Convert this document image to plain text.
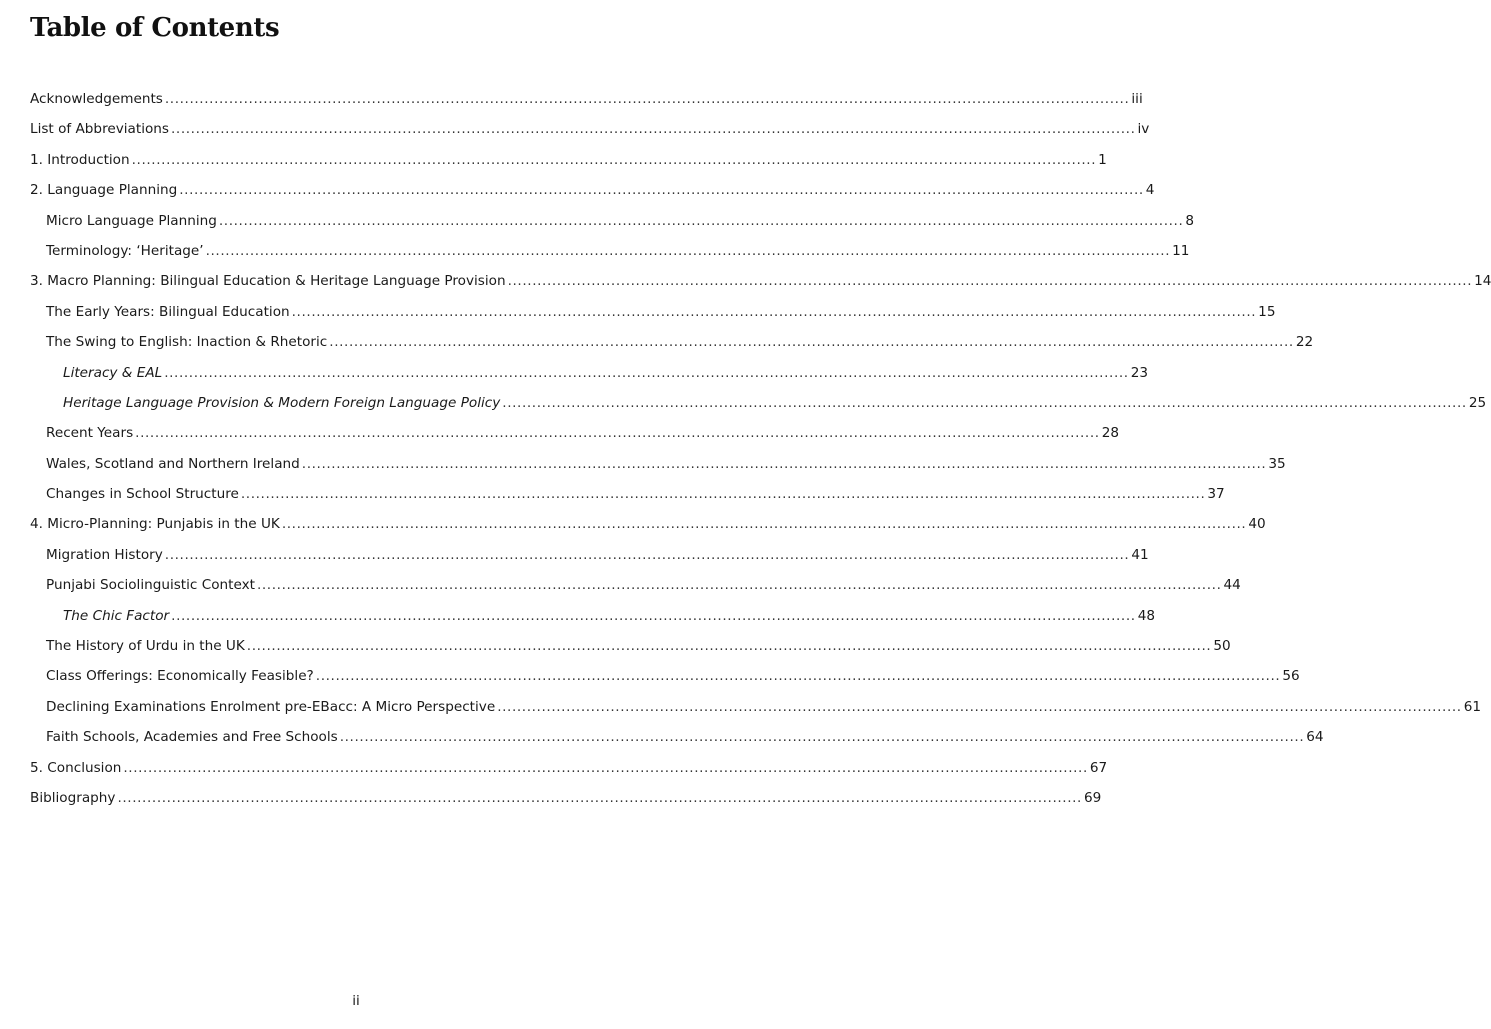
Table of Contents
Acknowledgements .................................................................................................................................................................................................... iii
List of Abbreviations .................................................................................................................................................................................................... iv
1. Introduction .................................................................................................................................................................................................... 1
2. Language Planning .................................................................................................................................................................................................... 4
Micro Language Planning .................................................................................................................................................................................................... 8
Terminology: ‘Heritage’ .................................................................................................................................................................................................... 11
3. Macro Planning: Bilingual Education & Heritage Language Provision .................................................................................................................................................................................................... 14
The Early Years: Bilingual Education .................................................................................................................................................................................................... 15
The Swing to English: Inaction & Rhetoric .................................................................................................................................................................................................... 22
Literacy & EAL .................................................................................................................................................................................................... 23
Heritage Language Provision & Modern Foreign Language Policy .................................................................................................................................................................................................... 25
Recent Years .................................................................................................................................................................................................... 28
Wales, Scotland and Northern Ireland .................................................................................................................................................................................................... 35
Changes in School Structure .................................................................................................................................................................................................... 37
4. Micro-Planning: Punjabis in the UK .................................................................................................................................................................................................... 40
Migration History .................................................................................................................................................................................................... 41
Punjabi Sociolinguistic Context .................................................................................................................................................................................................... 44
The Chic Factor .................................................................................................................................................................................................... 48
The History of Urdu in the UK .................................................................................................................................................................................................... 50
Class Offerings: Economically Feasible? .................................................................................................................................................................................................... 56
Declining Examinations Enrolment pre-EBacc: A Micro Perspective .................................................................................................................................................................................................... 61
Faith Schools, Academies and Free Schools .................................................................................................................................................................................................... 64
5. Conclusion .................................................................................................................................................................................................... 67
Bibliography .................................................................................................................................................................................................... 69
ii
